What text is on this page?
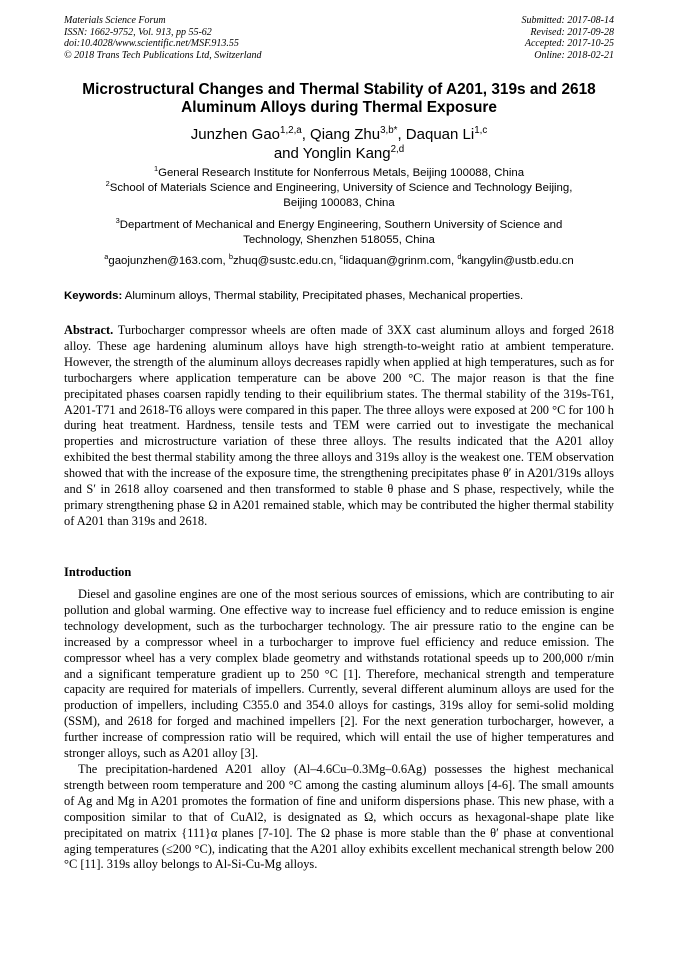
Materials Science Forum
ISSN: 1662-9752, Vol. 913, pp 55-62
doi:10.4028/www.scientific.net/MSF.913.55
© 2018 Trans Tech Publications Ltd, Switzerland
Submitted: 2017-08-14
Revised: 2017-09-28
Accepted: 2017-10-25
Online: 2018-02-21
Microstructural Changes and Thermal Stability of A201, 319s and 2618
Aluminum Alloys during Thermal Exposure
Junzhen Gao$^{1,2,a}$, Qiang Zhu$^{3,b*}$, Daquan Li$^{1,c}$
and Yonglin Kang$^{2,d}$
$^1$General Research Institute for Nonferrous Metals, Beijing 100088, China
$^2$School of Materials Science and Engineering, University of Science and Technology Beijing,
Beijing 100083, China
$^3$Department of Mechanical and Energy Engineering, Southern University of Science and
Technology, Shenzhen 518055, China
$^a$gaojunzhen@163.com, $^b$zhuq@sustc.edu.cn, $^c$lidaquan@grinm.com, $^d$kangylin@ustb.edu.cn
Keywords: Aluminum alloys, Thermal stability, Precipitated phases, Mechanical properties.

Abstract. Turbocharger compressor wheels are often made of 3XX cast aluminum alloys and forged 2618 alloy. These age hardening aluminum alloys have high strength-to-weight ratio at ambient temperature. However, the strength of the aluminum alloys decreases rapidly when applied at high temperatures, such as for turbochargers where application temperature can be above 200 °C. The major reason is that the fine precipitated phases coarsen rapidly tending to their equilibrium states. The thermal stability of the 319s-T61, A201-T71 and 2618-T6 alloys were compared in this paper. The three alloys were exposed at 200 °C for 100 h during heat treatment. Hardness, tensile tests and TEM were carried out to investigate the mechanical properties and microstructure variation of these three alloys. The results indicated that the A201 alloy exhibited the best thermal stability among the three alloys and 319s alloy is the weakest one. TEM observation showed that with the increase of the exposure time, the strengthening precipitates phase θ′ in A201/319s alloys and S′ in 2618 alloy coarsened and then transformed to stable θ phase and S phase, respectively, while the primary strengthening phase Ω in A201 remained stable, which may be contributed the higher thermal stability of A201 than 319s and 2618.

Introduction

Diesel and gasoline engines are one of the most serious sources of emissions, which are contributing to air pollution and global warming. One effective way to increase fuel efficiency and to reduce emission is engine technology development, such as the turbocharger technology. The air pressure ratio to the engine can be increased by a compressor wheel in a turbocharger to improve fuel efficiency and reduce emission. The compressor wheel has a very complex blade geometry and withstands rotational speeds up to 200,000 r/min and a significant temperature gradient up to 250 °C [1]. Therefore, mechanical strength and temperature capacity are required for materials of impellers. Currently, several different aluminum alloys are used for the production of impellers, including C355.0 and 354.0 alloys for castings, 319s alloy for semi-solid molding (SSM), and 2618 for forged and machined impellers [2]. For the next generation turbocharger, however, a further increase of compression ratio will be required, which will entail the use of higher temperatures and stronger alloys, such as A201 alloy [3].

The precipitation-hardened A201 alloy (Al–4.6Cu–0.3Mg–0.6Ag) possesses the highest mechanical strength between room temperature and 200 °C among the casting aluminum alloys [4-6]. The small amounts of Ag and Mg in A201 promotes the formation of fine and uniform dispersions phase. This new phase, with a composition similar to that of CuAl2, is designated as Ω, which occurs as hexagonal-shape plate like precipitated on matrix {111}α planes [7-10]. The Ω phase is more stable than the θ′ phase at conventional aging temperatures (≤200 °C), indicating that the A201 alloy exhibits excellent mechanical strength below 200 °C [11]. 319s alloy belongs to Al-Si-Cu-Mg alloys.
